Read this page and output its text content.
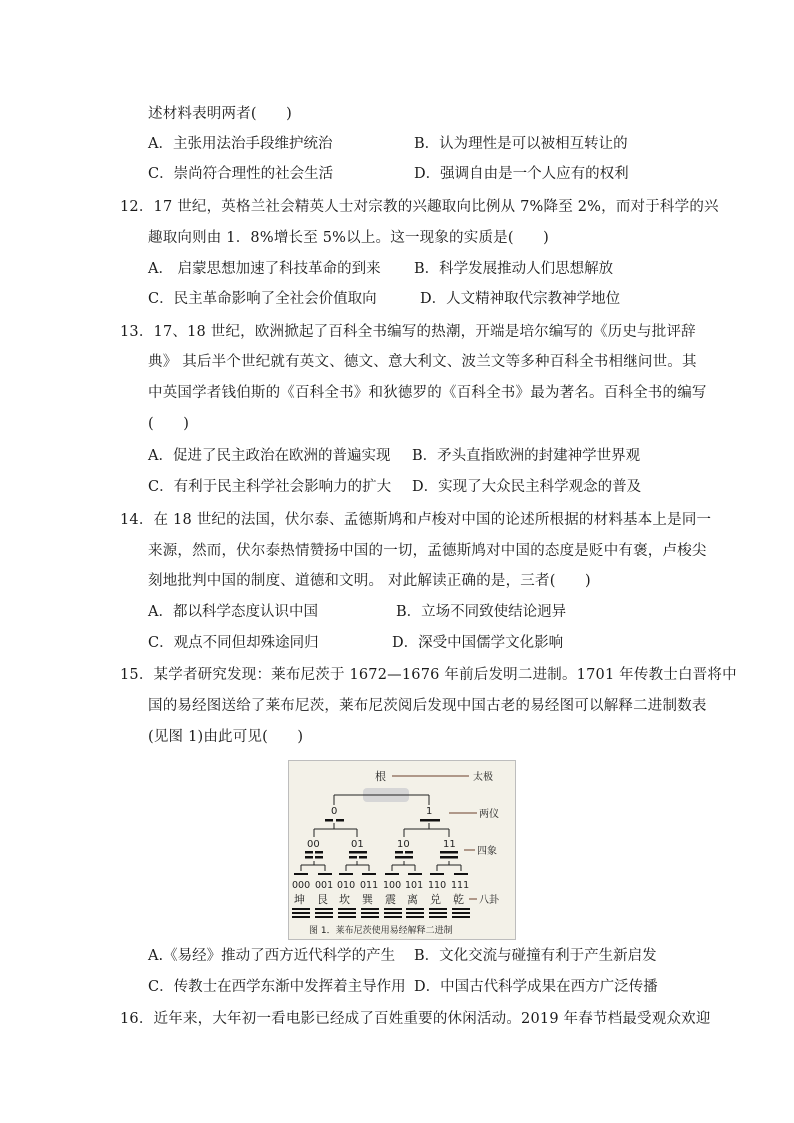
述材料表明两者(　　)
A．主张用法治手段维护统治	B．认为理性是可以被相互转让的
C．崇尚符合理性的社会生活	D．强调自由是一个人应有的权利
12．17 世纪，英格兰社会精英人士对宗教的兴趣取向比例从 7%降至 2%，而对于科学的兴
趣取向则由 1．8%增长至 5%以上。这一现象的实质是(　　)
A． 启蒙思想加速了科技革命的到来 B．科学发展推动人们思想解放
C．民主革命影响了全社会价值取向	D．人文精神取代宗教神学地位
13．17、18 世纪，欧洲掀起了百科全书编写的热潮，开端是培尔编写的《历史与批评辞
典》 其后半个世纪就有英文、德文、意大利文、波兰文等多种百科全书相继问世。其
中英国学者钱伯斯的《百科全书》和狄德罗的《百科全书》最为著名。百科全书的编写
(　　)
A．促进了民主政治在欧洲的普遍实现 B．矛头直指欧洲的封建神学世界观
C．有利于民主科学社会影响力的扩大 D．实现了大众民主科学观念的普及
14．在 18 世纪的法国，伏尔泰、孟德斯鸠和卢梭对中国的论述所根据的材料基本上是同一
来源，然而，伏尔泰热情赞扬中国的一切，孟德斯鸠对中国的态度是贬中有褒，卢梭尖
刻地批判中国的制度、道德和文明。 对此解读正确的是，三者(　　)
A．都以科学态度认识中国	B．立场不同致使结论迥异
C．观点不同但却殊途同归	D．深受中国儒学文化影响
15．某学者研究发现：莱布尼茨于 1672—1676 年前后发明二进制。1701 年传教士白晋将中
国的易经图送给了莱布尼茨，莱布尼茨阅后发现中国古老的易经图可以解释二进制数表
(见图 1)由此可见(　　)
根	太极
0	1	两仪
00	01	10	11
四象
000 001 010 011 100 101 110 111
坤 艮 坎 巽 震 离 兑 乾 八卦
图 1．莱布尼茨使用易经解释二进制
A.《易经》推动了西方近代科学的产生 B．文化交流与碰撞有利于产生新启发
C．传教士在西学东渐中发挥着主导作用 D．中国古代科学成果在西方广泛传播
16．近年来，大年初一看电影已经成了百姓重要的休闲活动。2019 年春节档最受观众欢迎
